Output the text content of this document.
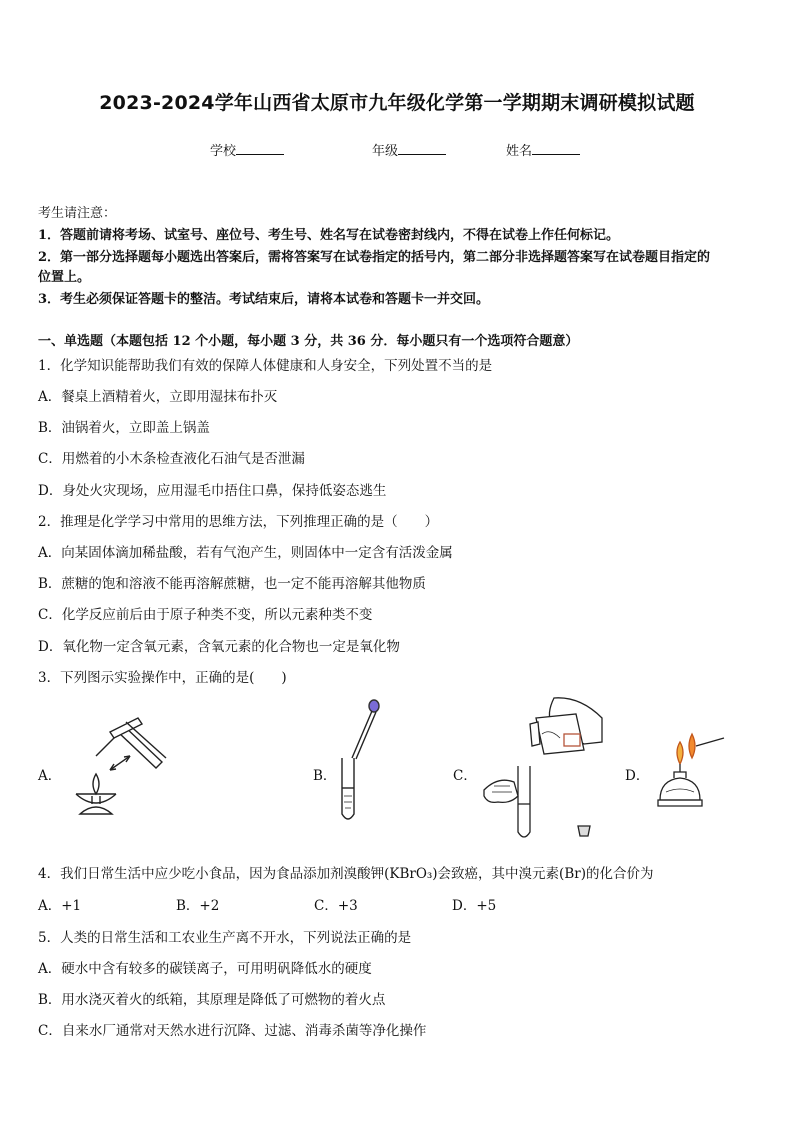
2023-2024学年山西省太原市九年级化学第一学期期末调研模拟试题
学校	年级	姓名
考生请注意：
1．答题前请将考场、试室号、座位号、考生号、姓名写在试卷密封线内，不得在试卷上作任何标记。
2．第一部分选择题每小题选出答案后，需将答案写在试卷指定的括号内，第二部分非选择题答案写在试卷题目指定的
位置上。
3．考生必须保证答题卡的整洁。考试结束后，请将本试卷和答题卡一并交回。
一、单选题（本题包括 12 个小题，每小题 3 分，共 36 分．每小题只有一个选项符合题意）
1．化学知识能帮助我们有效的保障人体健康和人身安全，下列处置不当的是
A．餐桌上酒精着火，立即用湿抹布扑灭
B．油锅着火，立即盖上锅盖
C．用燃着的小木条检查液化石油气是否泄漏
D．身处火灾现场，应用湿毛巾捂住口鼻，保持低姿态逃生
2．推理是化学学习中常用的思维方法，下列推理正确的是（　　）
A．向某固体滴加稀盐酸，若有气泡产生，则固体中一定含有活泼金属
B．蔗糖的饱和溶液不能再溶解蔗糖，也一定不能再溶解其他物质
C．化学反应前后由于原子种类不变，所以元素种类不变
D．氧化物一定含氧元素，含氧元素的化合物也一定是氧化物
3．下列图示实验操作中，正确的是(　　)
A．	B．	C．	D．
4．我们日常生活中应少吃小食品，因为食品添加剂溴酸钾(KBrO₃)会致癌，其中溴元素(Br)的化合价为
A．+1	B．+2	C．+3	D．+5
5．人类的日常生活和工农业生产离不开水，下列说法正确的是
A．硬水中含有较多的碳镁离子，可用明矾降低水的硬度
B．用水浇灭着火的纸箱，其原理是降低了可燃物的着火点
C．自来水厂通常对天然水进行沉降、过滤、消毒杀菌等净化操作
